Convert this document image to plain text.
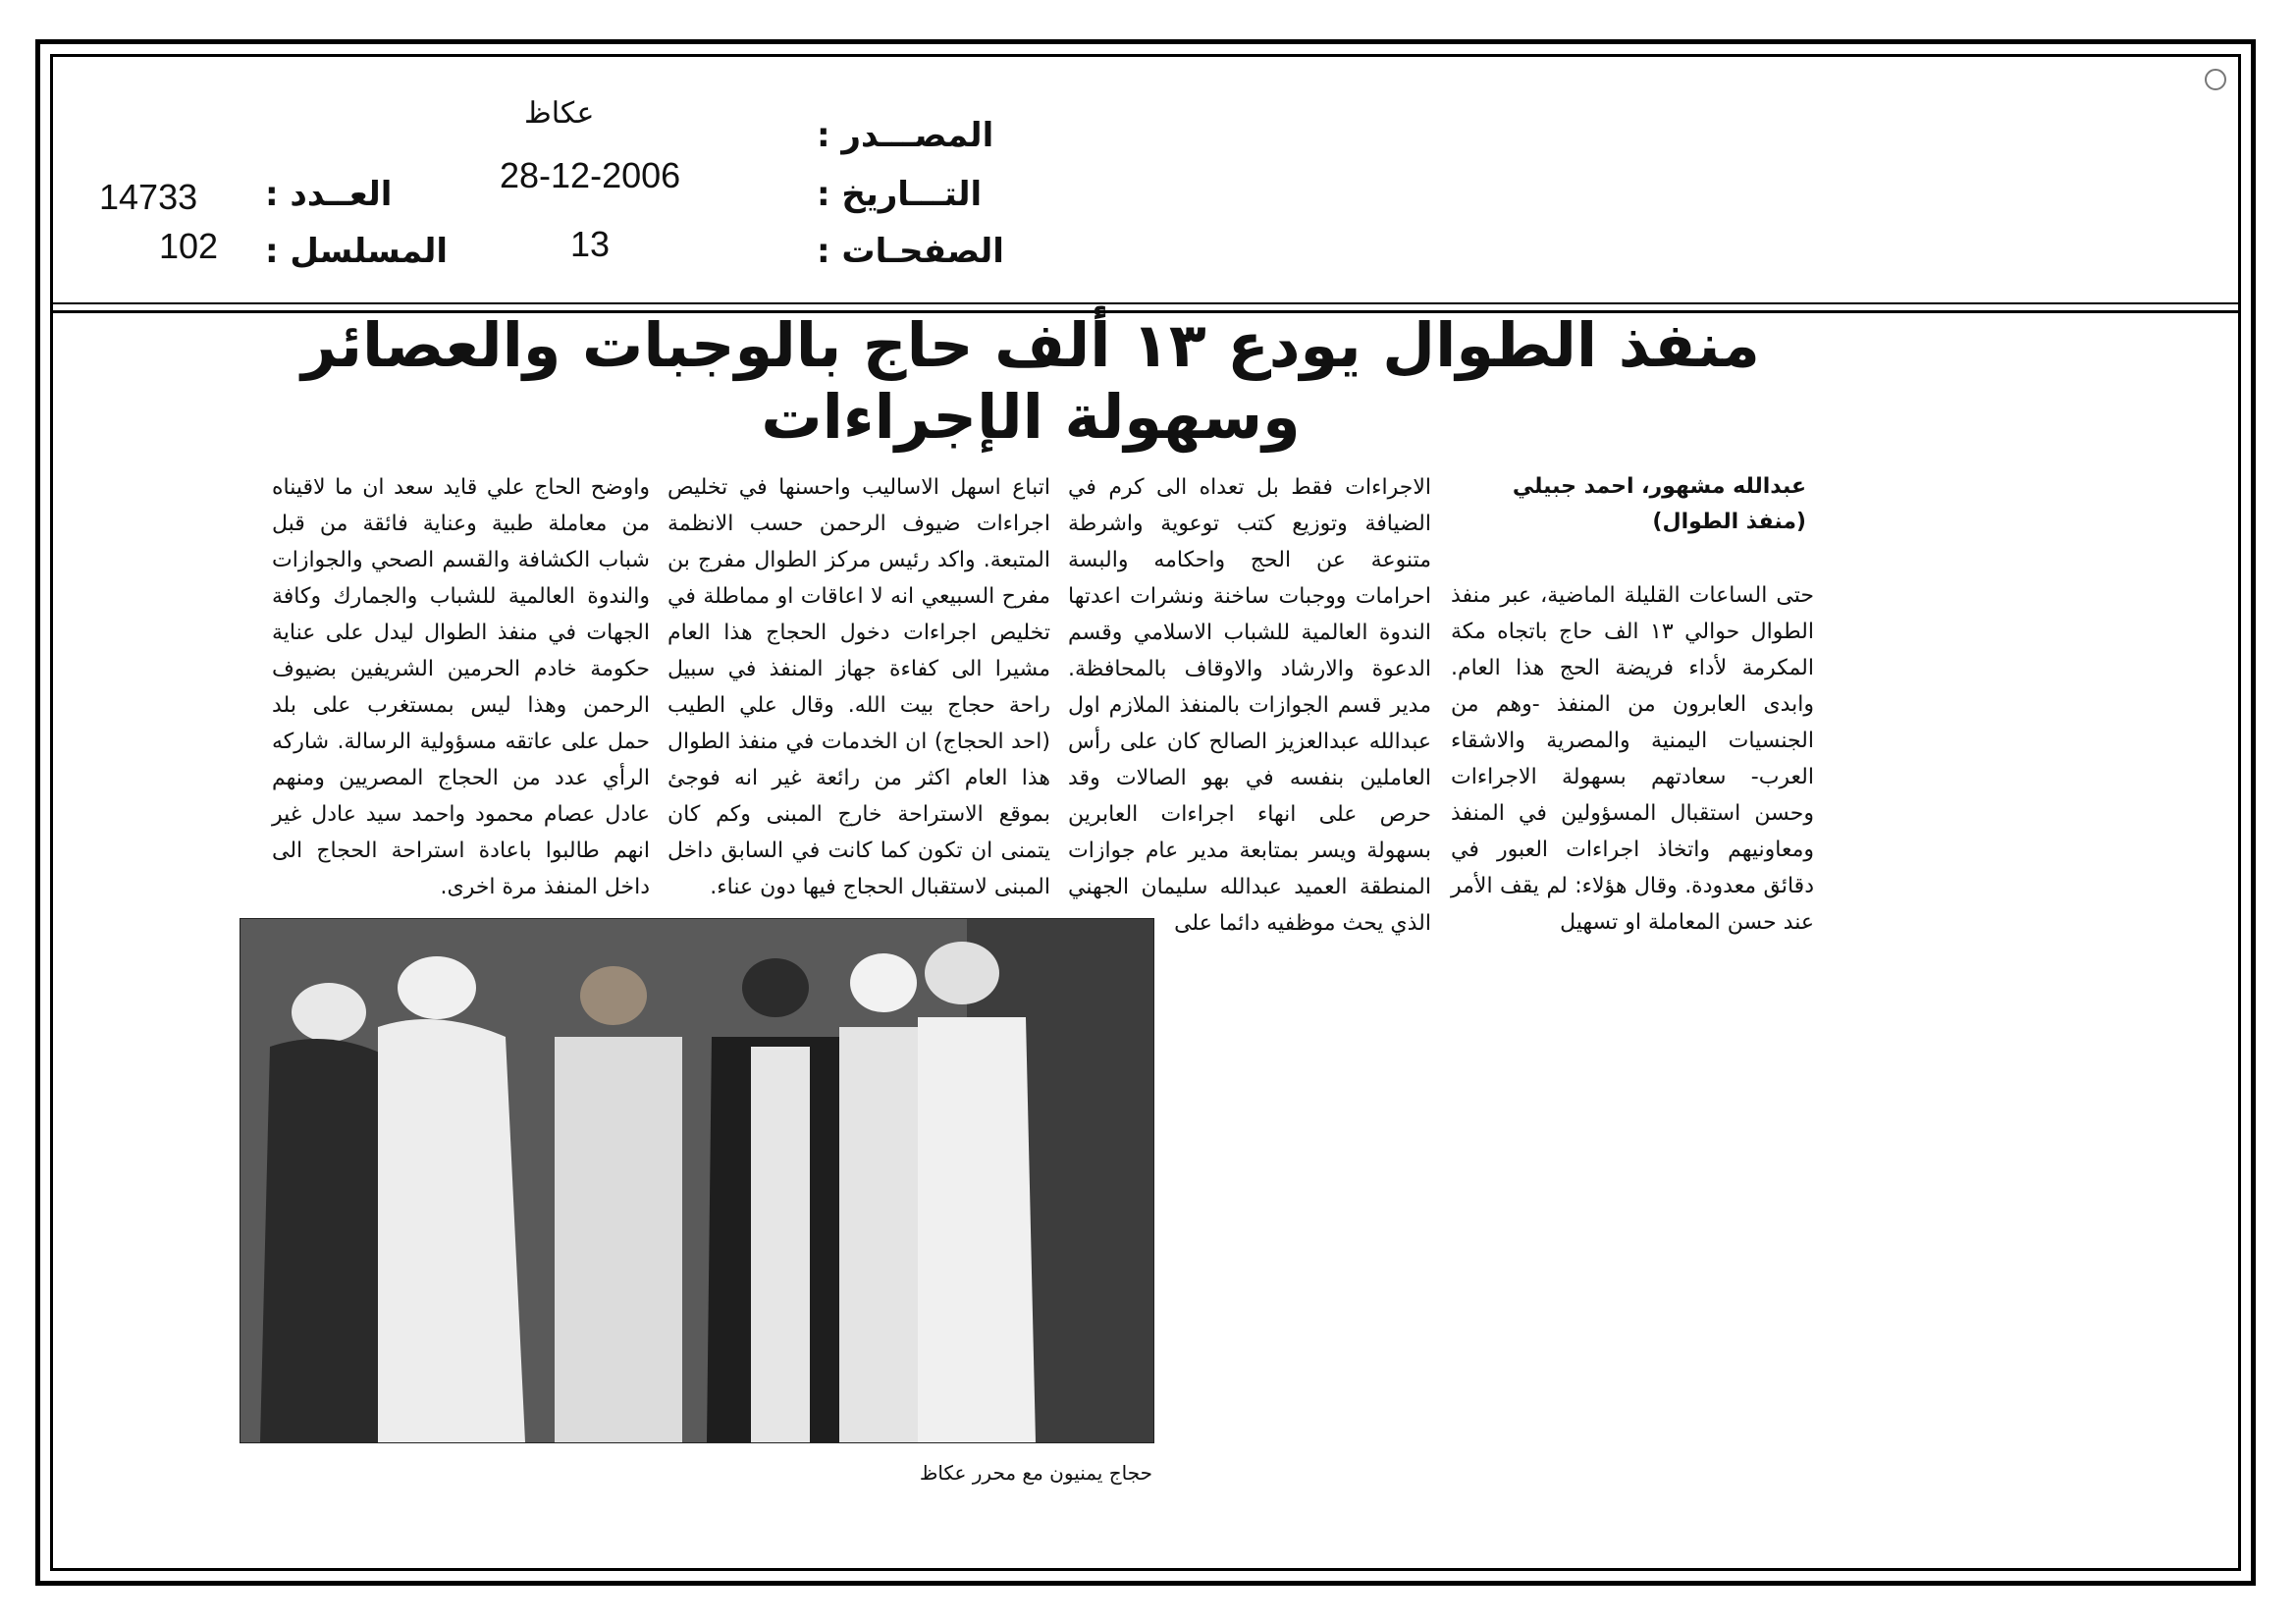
المصـــدر :
عكاظ
التـــاريخ :
28-12-2006
الصفحـات :
13
العــدد :
14733
المسلسل :
102
منفذ الطوال يودع ١٣ ألف حاج بالوجبات والعصائر وسهولة الإجراءات
عبدالله مشهور، احمد جبيلي
(منفذ الطوال)
حتى الساعات القليلة الماضية، عبر منفذ الطوال حوالي ١٣ الف حاج باتجاه مكة المكرمة لأداء فريضة الحج هذا العام. وابدى العابرون من المنفذ -وهم من الجنسيات اليمنية والمصرية والاشقاء العرب- سعادتهم بسهولة الاجراءات وحسن استقبال المسؤولين في المنفذ ومعاونيهم واتخاذ اجراءات العبور في دقائق معدودة. وقال هؤلاء: لم يقف الأمر عند حسن المعاملة او تسهيل
الاجراءات فقط بل تعداه الى كرم في الضيافة وتوزيع كتب توعوية واشرطة متنوعة عن الحج واحكامه والبسة احرامات ووجبات ساخنة ونشرات اعدتها الندوة العالمية للشباب الاسلامي وقسم الدعوة والارشاد والاوقاف بالمحافظة. مدير قسم الجوازات بالمنفذ الملازم اول عبدالله عبدالعزيز الصالح كان على رأس العاملين بنفسه في بهو الصالات وقد حرص على انهاء اجراءات العابرين بسهولة ويسر بمتابعة مدير عام جوازات المنطقة العميد عبدالله سليمان الجهني الذي يحث موظفيه دائما على
اتباع اسهل الاساليب واحسنها في تخليص اجراءات ضيوف الرحمن حسب الانظمة المتبعة. واكد رئيس مركز الطوال مفرج بن مفرح السبيعي انه لا اعاقات او مماطلة في تخليص اجراءات دخول الحجاج هذا العام مشيرا الى كفاءة جهاز المنفذ في سبيل راحة حجاج بيت الله. وقال علي الطيب (احد الحجاج) ان الخدمات في منفذ الطوال هذا العام اكثر من رائعة غير انه فوجئ بموقع الاستراحة خارج المبنى وكم كان يتمنى ان تكون كما كانت في السابق داخل المبنى لاستقبال الحجاج فيها دون عناء.
واوضح الحاج علي قايد سعد ان ما لاقيناه من معاملة طبية وعناية فائقة من قبل شباب الكشافة والقسم الصحي والجوازات والندوة العالمية للشباب والجمارك وكافة الجهات في منفذ الطوال ليدل على عناية حكومة خادم الحرمين الشريفين بضيوف الرحمن وهذا ليس بمستغرب على بلد حمل على عاتقه مسؤولية الرسالة. شاركه الرأي عدد من الحجاج المصريين ومنهم عادل عصام محمود واحمد سيد عادل غير انهم طالبوا باعادة استراحة الحجاج الى داخل المنفذ مرة اخرى.
حجاج يمنيون مع محرر عكاظ
